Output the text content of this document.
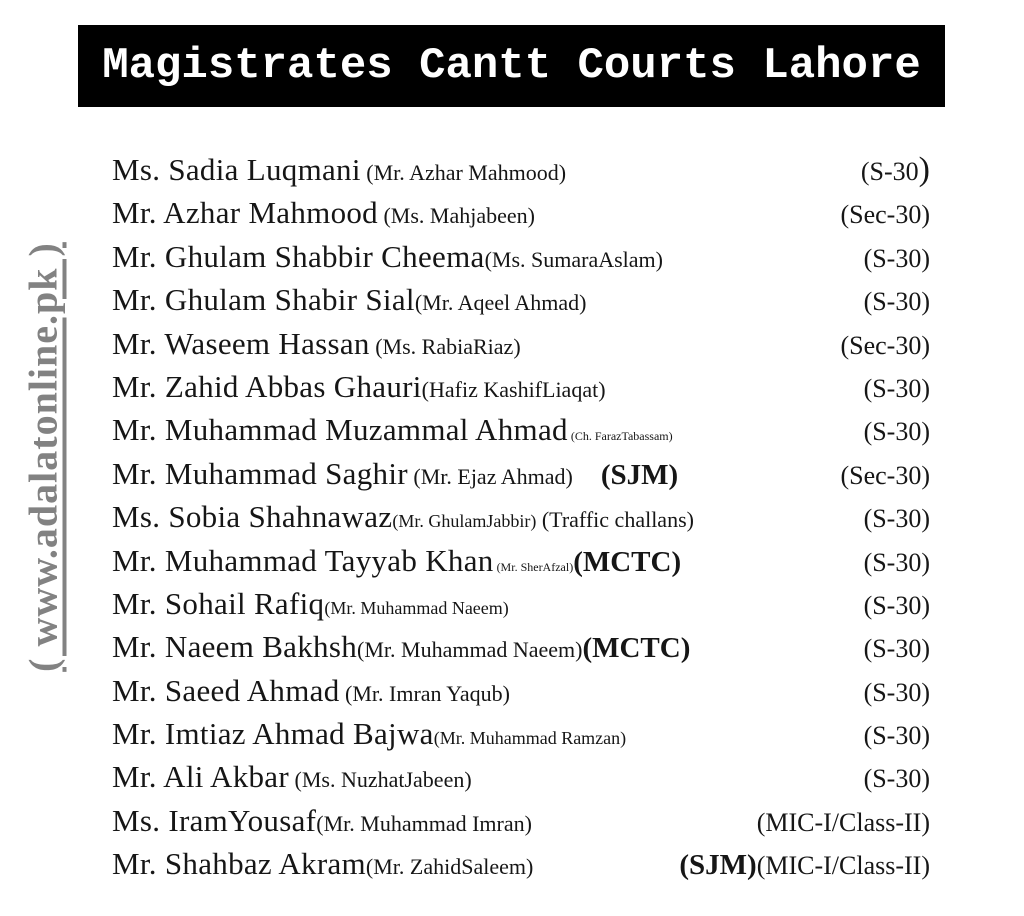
Magistrates Cantt Courts Lahore
( www.adalatonline.pk )
Ms. Sadia Luqmani (Mr. Azhar Mahmood)	(S-30)
Mr. Azhar Mahmood (Ms. Mahjabeen)	(Sec-30)
Mr. Ghulam Shabbir Cheema(Ms. SumaraAslam)	(S-30)
Mr. Ghulam Shabir Sial(Mr. Aqeel Ahmad)	(S-30)
Mr. Waseem Hassan (Ms. RabiaRiaz)	(Sec-30)
Mr. Zahid Abbas Ghauri(Hafiz KashifLiaqat)	(S-30)
Mr. Muhammad Muzammal Ahmad (Ch. FarazTabassam)	(S-30)
Mr. Muhammad Saghir (Mr. Ejaz Ahmad) (SJM)	(Sec-30)
Ms. Sobia Shahnawaz(Mr. GhulamJabbir) (Traffic challans)	(S-30)
Mr. Muhammad Tayyab Khan (Mr. SherAfzal)(MCTC)	(S-30)
Mr. Sohail Rafiq(Mr. Muhammad Naeem)	(S-30)
Mr. Naeem Bakhsh(Mr. Muhammad Naeem)(MCTC)	(S-30)
Mr. Saeed Ahmad (Mr. Imran Yaqub)	(S-30)
Mr. Imtiaz Ahmad Bajwa(Mr. Muhammad Ramzan)	(S-30)
Mr. Ali Akbar (Ms. NuzhatJabeen)	(S-30)
Ms. IramYousaf(Mr. Muhammad Imran)	(MIC-I/Class-II)
Mr. Shahbaz Akram(Mr. ZahidSaleem)	(SJM)(MIC-I/Class-II)
